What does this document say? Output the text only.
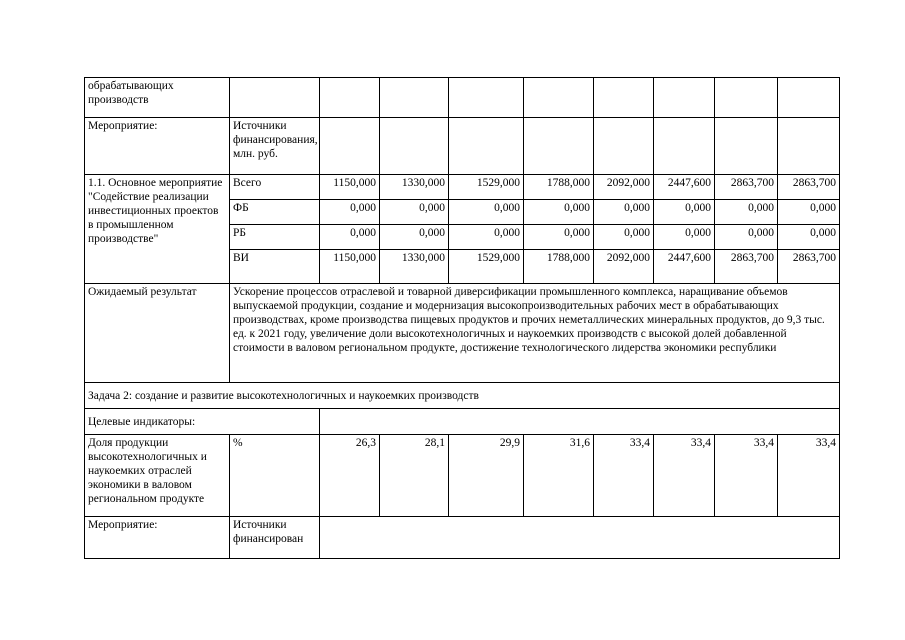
обрабатывающих производств									
Мероприятие:	Источники финансирования, млн. руб.								
1.1. Основное мероприятие "Содействие реализации инвестиционных проектов в промышленном производстве"	Всего	1150,000	1330,000	1529,000	1788,000	2092,000	2447,600	2863,700	2863,700
	ФБ	0,000	0,000	0,000	0,000	0,000	0,000	0,000	0,000
	РБ	0,000	0,000	0,000	0,000	0,000	0,000	0,000	0,000
	ВИ	1150,000	1330,000	1529,000	1788,000	2092,000	2447,600	2863,700	2863,700
Ожидаемый результат	Ускорение процессов отраслевой и товарной диверсификации промышленного комплекса, наращивание объемов выпускаемой продукции, создание и модернизация высокопроизводительных рабочих мест в обрабатывающих производствах, кроме производства пищевых продуктов и прочих неметаллических минеральных продуктов, до 9,3 тыс. ед. к 2021 году, увеличение доли высокотехнологичных и наукоемких производств с высокой долей добавленной стоимости в валовом региональном продукте, достижение технологического лидерства экономики республики								
Задача 2: создание и развитие высокотехнологичных и наукоемких производств									
Целевые индикаторы:									
Доля продукции высокотехнологичных и наукоемких отраслей экономики в валовом региональном продукте	%	26,3	28,1	29,9	31,6	33,4	33,4	33,4	33,4
Мероприятие:	Источники финансирован								
